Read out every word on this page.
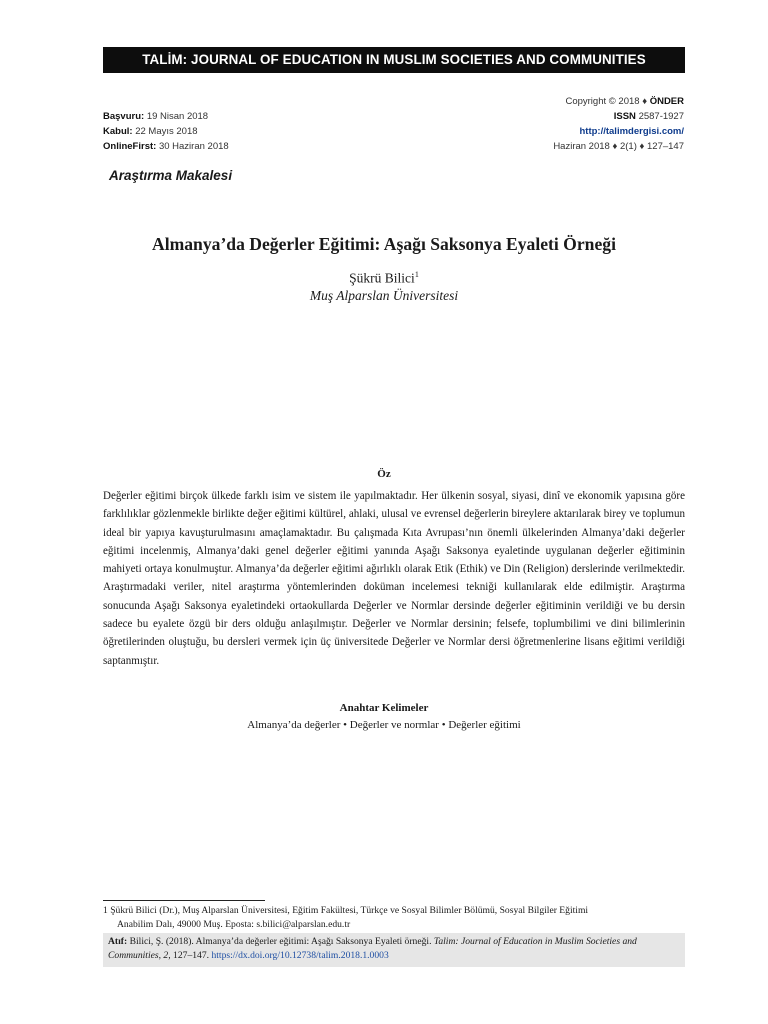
TALİM: JOURNAL OF EDUCATION IN MUSLIM SOCIETIES AND COMMUNITIES
Başvuru: 19 Nisan 2018
Kabul: 22 Mayıs 2018
OnlineFirst: 30 Haziran 2018
Copyright © 2018 ♦ ÖNDER
ISSN 2587-1927
http://talimdergisi.com/
Haziran 2018 ♦ 2(1) ♦ 127–147
Araştırma Makalesi
Almanya’da Değerler Eğitimi: Aşağı Saksonya Eyaleti Örneği
Şükrü Bilici$^1$
Muş Alparslan Üniversitesi
Öz

Değerler eğitimi birçok ülkede farklı isim ve sistem ile yapılmaktadır. Her ülkenin sosyal, siyasi, dinî ve ekonomik yapısına göre farklılıklar gözlenmekle birlikte değer eğitimi kültürel, ahlaki, ulusal ve evrensel değerlerin bireylere aktarılarak birey ve toplumun ideal bir yapıya kavuşturulmasını amaçlamaktadır. Bu çalışmada Kıta Avrupası’nın önemli ülkelerinden Almanya’daki değerler eğitimi incelenmiş, Almanya’daki genel değerler eğitimi yanında Aşağı Saksonya eyaletinde uygulanan değerler eğitiminin mahiyeti ortaya konulmuştur. Almanya’da değerler eğitimi ağırlıklı olarak Etik (Ethik) ve Din (Religion) derslerinde verilmektedir. Araştırmadaki veriler, nitel araştırma yöntemlerinden doküman incelemesi tekniği kullanılarak elde edilmiştir. Araştırma sonucunda Aşağı Saksonya eyaletindeki ortaokullarda Değerler ve Normlar dersinde değerler eğitiminin verildiği ve bu dersin sadece bu eyalete özgü bir ders olduğu anlaşılmıştır. Değerler ve Normlar dersinin; felsefe, toplumbilimi ve dini bilimlerinin öğretilerinden oluştuğu, bu dersleri vermek için üç üniversitede Değerler ve Normlar dersi öğretmenlerine lisans eğitimi verildiği saptanmıştır.

Anahtar Kelimeler
Almanya’da değerler • Değerler ve normlar • Değerler eğitimi
1 Şükrü Bilici (Dr.), Muş Alparslan Üniversitesi, Eğitim Fakültesi, Türkçe ve Sosyal Bilimler Bölümü, Sosyal Bilgiler Eğitimi
Anabilim Dalı, 49000 Muş. Eposta: s.bilici@alparslan.edu.tr
Atıf: Bilici, Ş. (2018). Almanya’da değerler eğitimi: Aşağı Saksonya Eyaleti örneği. Talim: Journal of Education in Muslim Societies and Communities, 2, 127–147. https://dx.doi.org/10.12738/talim.2018.1.0003
